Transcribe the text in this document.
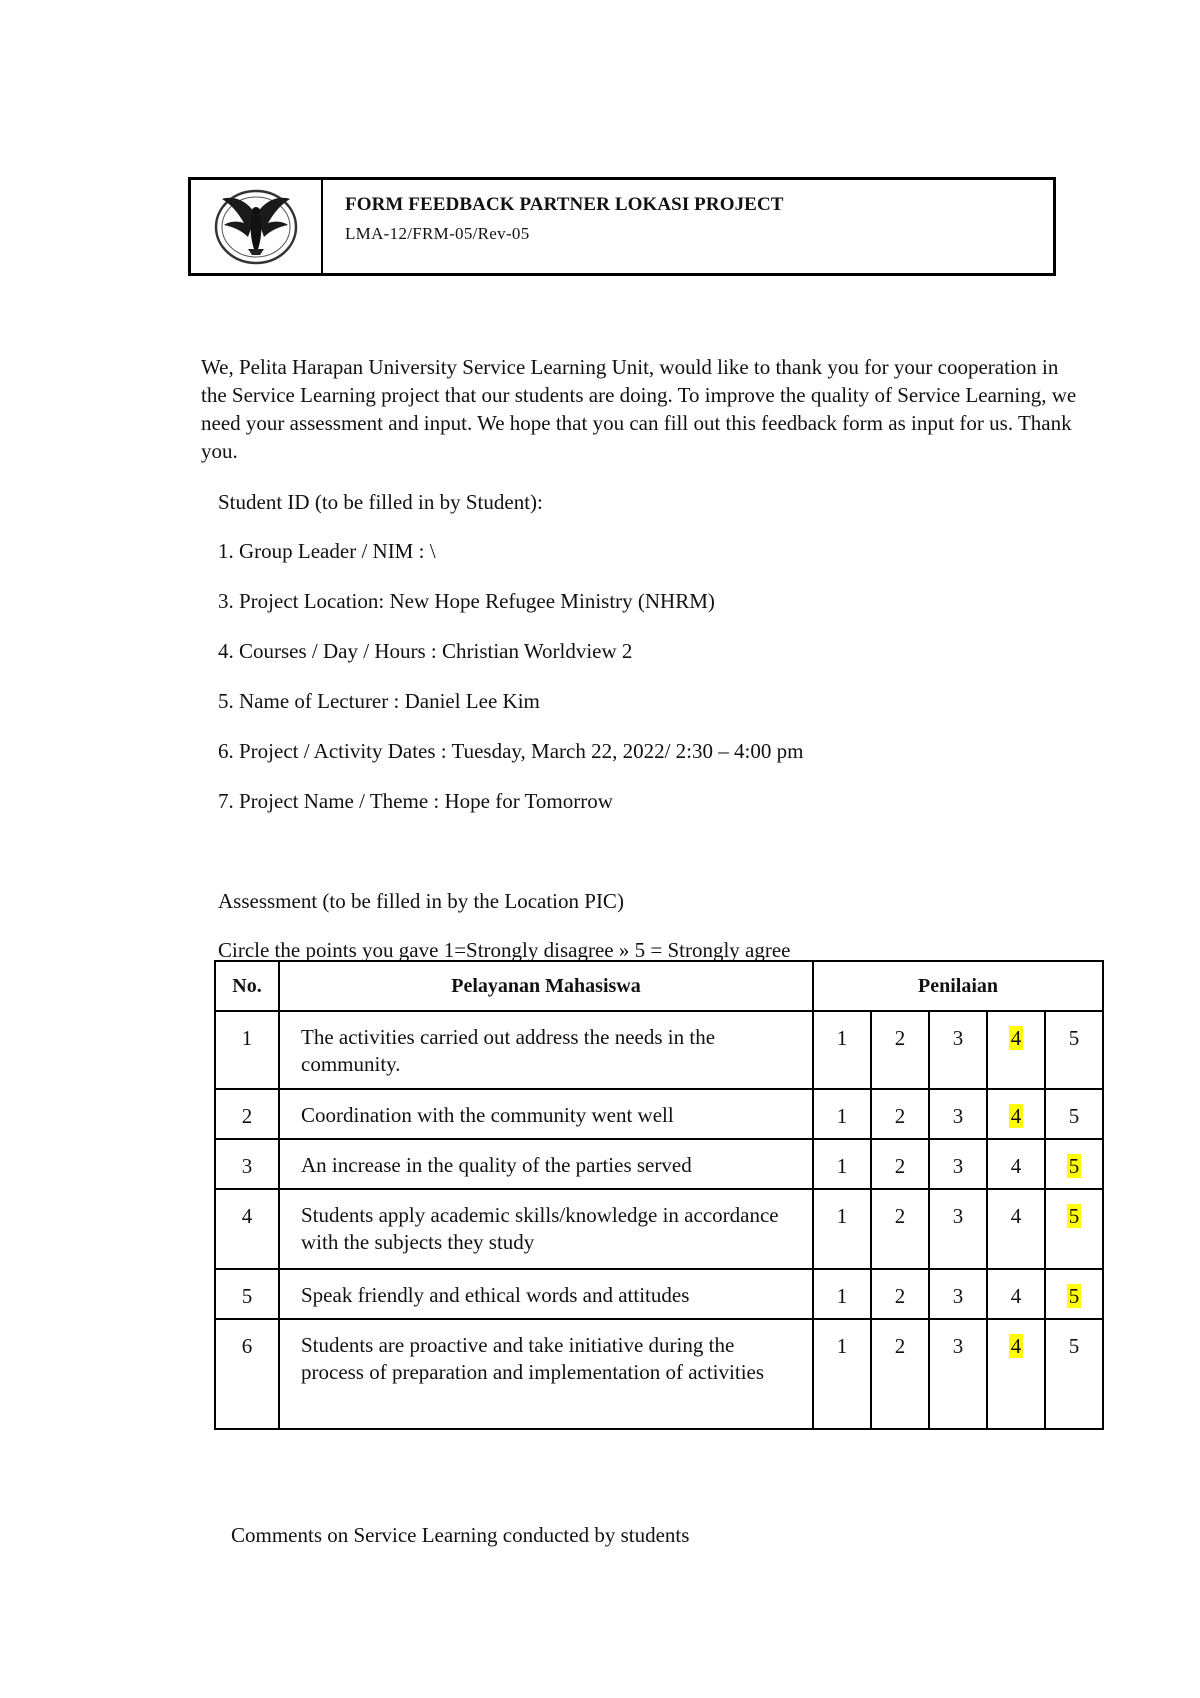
FORM FEEDBACK PARTNER LOKASI PROJECT
LMA-12/FRM-05/Rev-05
We, Pelita Harapan University Service Learning Unit, would like to thank you for your cooperation in the Service Learning project that our students are doing. To improve the quality of Service Learning, we need your assessment and input. We hope that you can fill out this feedback form as input for us. Thank you.
Student ID (to be filled in by Student):
1. Group Leader / NIM : \
3. Project Location: New Hope Refugee Ministry (NHRM)
4. Courses / Day / Hours : Christian Worldview 2
5. Name of Lecturer : Daniel Lee Kim
6. Project / Activity Dates : Tuesday, March 22, 2022/ 2:30 – 4:00 pm
7. Project Name / Theme : Hope for Tomorrow
Assessment (to be filled in by the Location PIC)
Circle the points you gave 1=Strongly disagree » 5 = Strongly agree
No.	Pelayanan Mahasiswa	Penilaian				
1	The activities carried out address the needs in the community.	1	2	3	4	5
2	Coordination with the community went well	1	2	3	4	5
3	An increase in the quality of the parties served	1	2	3	4	5
4	Students apply academic skills/knowledge in accordance with the subjects they study	1	2	3	4	5
5	Speak friendly and ethical words and attitudes	1	2	3	4	5
6	Students are proactive and take initiative during the process of preparation and implementation of activities	1	2	3	4	5
Comments on Service Learning conducted by students
